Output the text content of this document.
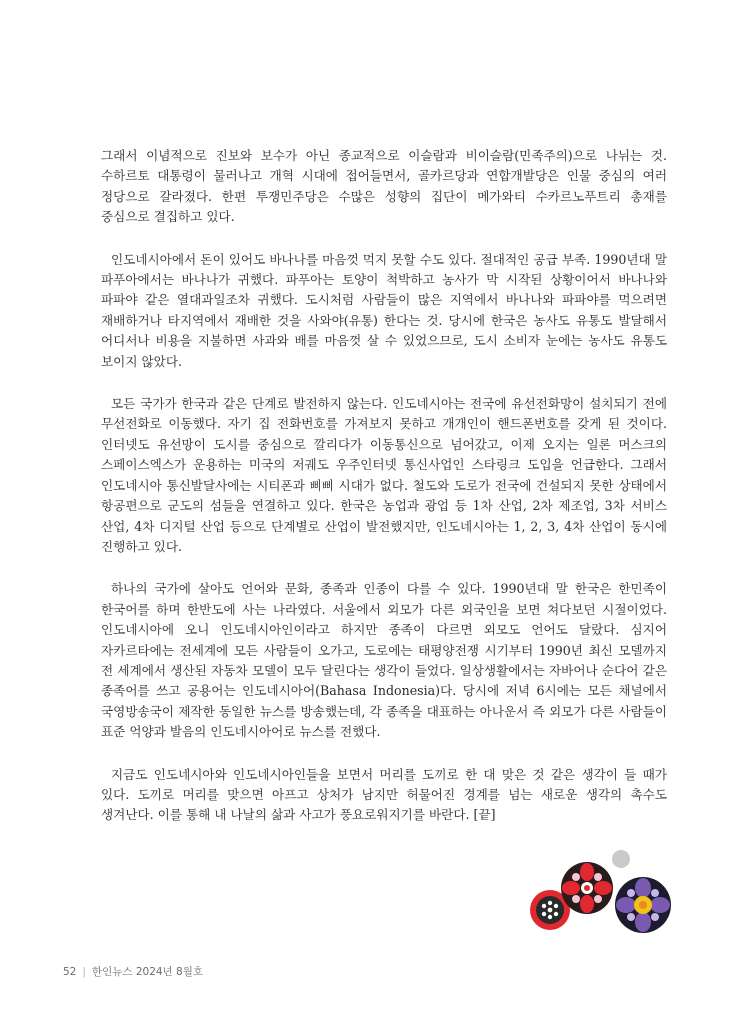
그래서 이념적으로 진보와 보수가 아닌 종교적으로 이슬람과 비이슬람(민족주의)으로 나뉘는 것. 수하르토 대통령이 물러나고 개혁 시대에 접어들면서, 골카르당과 연합개발당은 인물 중심의 여러 정당으로 갈라졌다. 한편 투쟁민주당은 수많은 성향의 집단이 메가와티 수카르노푸트리 총재를 중심으로 결집하고 있다.

인도네시아에서 돈이 있어도 바나나를 마음껏 먹지 못할 수도 있다. 절대적인 공급 부족. 1990년대 말 파푸아에서는 바나나가 귀했다. 파푸아는 토양이 척박하고 농사가 막 시작된 상황이어서 바나나와 파파야 같은 열대과일조차 귀했다. 도시처럼 사람들이 많은 지역에서 바나나와 파파야를 먹으려면 재배하거나 타지역에서 재배한 것을 사와야(유통) 한다는 것. 당시에 한국은 농사도 유통도 발달해서 어디서나 비용을 지불하면 사과와 배를 마음껏 살 수 있었으므로, 도시 소비자 눈에는 농사도 유통도 보이지 않았다.

모든 국가가 한국과 같은 단계로 발전하지 않는다. 인도네시아는 전국에 유선전화망이 설치되기 전에 무선전화로 이동했다. 자기 집 전화번호를 가져보지 못하고 개개인이 핸드폰번호를 갖게 된 것이다. 인터넷도 유선망이 도시를 중심으로 깔리다가 이동통신으로 넘어갔고, 이제 오지는 일론 머스크의 스페이스엑스가 운용하는 미국의 저궤도 우주인터넷 통신사업인 스타링크 도입을 언급한다. 그래서 인도네시아 통신발달사에는 시티폰과 삐삐 시대가 없다. 철도와 도로가 전국에 건설되지 못한 상태에서 항공편으로 군도의 섬들을 연결하고 있다. 한국은 농업과 광업 등 1차 산업, 2차 제조업, 3차 서비스 산업, 4차 디지털 산업 등으로 단계별로 산업이 발전했지만, 인도네시아는 1, 2, 3, 4차 산업이 동시에 진행하고 있다.

하나의 국가에 살아도 언어와 문화, 종족과 인종이 다를 수 있다. 1990년대 말 한국은 한민족이 한국어를 하며 한반도에 사는 나라였다. 서울에서 외모가 다른 외국인을 보면 쳐다보던 시절이었다. 인도네시아에 오니 인도네시아인이라고 하지만 종족이 다르면 외모도 언어도 달랐다. 심지어 자카르타에는 전세계에 모든 사람들이 오가고, 도로에는 태평양전쟁 시기부터 1990년 최신 모델까지 전 세계에서 생산된 자동차 모델이 모두 달린다는 생각이 들었다. 일상생활에서는 자바어나 순다어 같은 종족어를 쓰고 공용어는 인도네시아어(Bahasa Indonesia)다. 당시에 저녁 6시에는 모든 채널에서 국영방송국이 제작한 동일한 뉴스를 방송했는데, 각 종족을 대표하는 아나운서 즉 외모가 다른 사람들이 표준 억양과 발음의 인도네시아어로 뉴스를 전했다.

지금도 인도네시아와 인도네시아인들을 보면서 머리를 도끼로 한 대 맞은 것 같은 생각이 들 때가 있다. 도끼로 머리를 맞으면 아프고 상처가 남지만 허물어진 경계를 넘는 새로운 생각의 촉수도 생겨난다. 이를 통해 내 나날의 삶과 사고가 풍요로워지기를 바란다. [끝]

52 | 한인뉴스 2024년 8월호
